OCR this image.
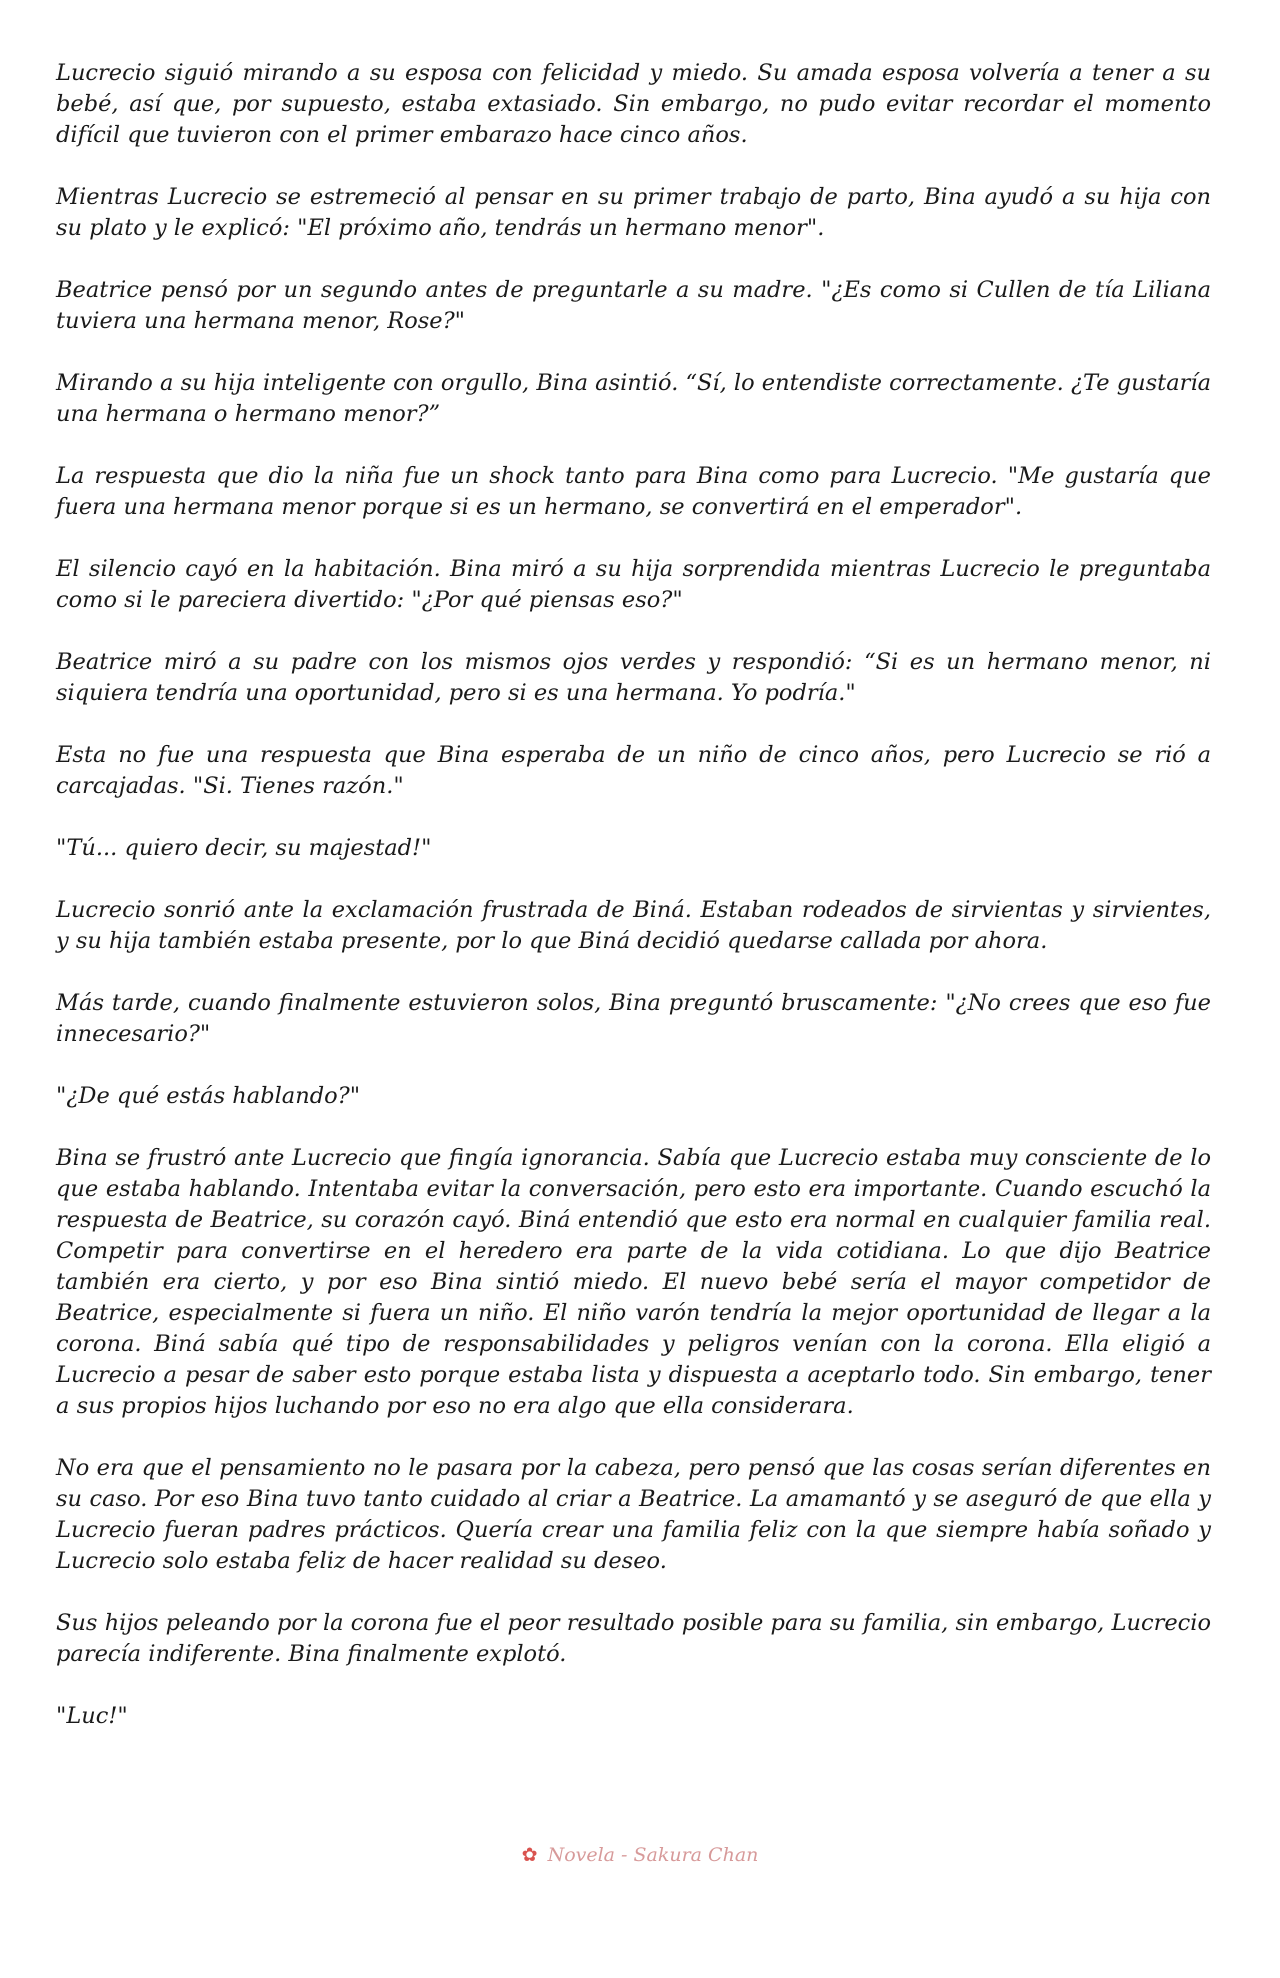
Lucrecio siguió mirando a su esposa con felicidad y miedo. Su amada esposa volvería a tener a su bebé, así que, por supuesto, estaba extasiado. Sin embargo, no pudo evitar recordar el momento difícil que tuvieron con el primer embarazo hace cinco años.

Mientras Lucrecio se estremeció al pensar en su primer trabajo de parto, Bina ayudó a su hija con su plato y le explicó: "El próximo año, tendrás un hermano menor".

Beatrice pensó por un segundo antes de preguntarle a su madre. "¿Es como si Cullen de tía Liliana tuviera una hermana menor, Rose?"

Mirando a su hija inteligente con orgullo, Bina asintió. “Sí, lo entendiste correctamente. ¿Te gustaría una hermana o hermano menor?”

La respuesta que dio la niña fue un shock tanto para Bina como para Lucrecio. "Me gustaría que fuera una hermana menor porque si es un hermano, se convertirá en el emperador".

El silencio cayó en la habitación. Bina miró a su hija sorprendida mientras Lucrecio le preguntaba como si le pareciera divertido: "¿Por qué piensas eso?"

Beatrice miró a su padre con los mismos ojos verdes y respondió: “Si es un hermano menor, ni siquiera tendría una oportunidad, pero si es una hermana. Yo podría."

Esta no fue una respuesta que Bina esperaba de un niño de cinco años, pero Lucrecio se rió a carcajadas. "Si. Tienes razón."

"Tú... quiero decir, su majestad!"

Lucrecio sonrió ante la exclamación frustrada de Biná. Estaban rodeados de sirvientas y sirvientes, y su hija también estaba presente, por lo que Biná decidió quedarse callada por ahora.

Más tarde, cuando finalmente estuvieron solos, Bina preguntó bruscamente: "¿No crees que eso fue innecesario?"

"¿De qué estás hablando?"

Bina se frustró ante Lucrecio que fingía ignorancia. Sabía que Lucrecio estaba muy consciente de lo que estaba hablando. Intentaba evitar la conversación, pero esto era importante. Cuando escuchó la respuesta de Beatrice, su corazón cayó. Biná entendió que esto era normal en cualquier familia real. Competir para convertirse en el heredero era parte de la vida cotidiana. Lo que dijo Beatrice también era cierto, y por eso Bina sintió miedo. El nuevo bebé sería el mayor competidor de Beatrice, especialmente si fuera un niño. El niño varón tendría la mejor oportunidad de llegar a la corona. Biná sabía qué tipo de responsabilidades y peligros venían con la corona. Ella eligió a Lucrecio a pesar de saber esto porque estaba lista y dispuesta a aceptarlo todo. Sin embargo, tener a sus propios hijos luchando por eso no era algo que ella considerara.

No era que el pensamiento no le pasara por la cabeza, pero pensó que las cosas serían diferentes en su caso. Por eso Bina tuvo tanto cuidado al criar a Beatrice. La amamantó y se aseguró de que ella y Lucrecio fueran padres prácticos. Quería crear una familia feliz con la que siempre había soñado y Lucrecio solo estaba feliz de hacer realidad su deseo.

Sus hijos peleando por la corona fue el peor resultado posible para su familia, sin embargo, Lucrecio parecía indiferente. Bina finalmente explotó.

"Luc!"

✿ Novela - Sakura Chan
